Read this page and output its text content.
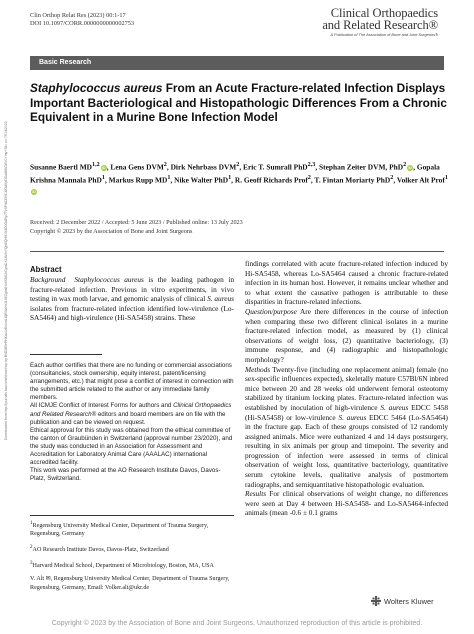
Clin Orthop Relat Res (2023) 00:1-17
DOI 10.1097/CORR.0000000000002753
Clinical Orthopaedics
and Related Research®
A Publication of The Association of Bone and Joint Surgeons®
Basic Research
Staphylococcus aureus From an Acute Fracture-related Infection Displays Important Bacteriological and Histopathologic Differences From a Chronic Equivalent in a Murine Bone Infection Model
Susanne Baertl MD$^{1,2}$iD, Lena Gens DVM$^2$, Dirk Nehrbass DVM$^2$, Eric T. Sumrall PhD$^{2,3}$, Stephan Zeiter DVM, PhD$^2$iD, Gopala Krishna Mannala PhD$^1$, Markus Rupp $MD^1$, Nike Walter PhD$^1$, R. Geoff Richards Prof$^2$, T. Fintan Moriarty PhD$^2$, Volker Alt Prof$^1$iD
Downloaded from http://journals.lww.com/clinorthop by BhDMf5ePHKav1zEoum1tQfN4a+kJLhEZgbsIHo4XMi0hCywCX1AWnYQp/IlQrHD3i3D0OdRyi7TvSFl4Cf3VC4/OAVpDDa8KKGKV0Ymy+78= on 07/14/2023	Received: 2 December 2022 / Accepted: 5 June 2023 / Published online: 13 July 2023
Copyright © 2023 by the Association of Bone and Joint Surgeons
Abstract

Background Staphylococcus aureus is the leading pathogen in fracture-related infection. Previous in vitro experiments, in vivo testing in wax moth larvae, and genomic analysis of clinical S. aureus isolates from fracture-related infection identified low-virulence (Lo-SA5464) and high-virulence (Hi-SA5458) strains. These

findings correlated with acute fracture-related infection induced by Hi-SA5458, whereas Lo-SA5464 caused a chronic fracture-related infection in its human host. However, it remains unclear whether and to what extent the causative pathogen is attributable to these disparities in fracture-related infections.

Question/purpose Are there differences in the course of infection when comparing these two different clinical isolates in a murine fracture-related infection model, as measured by (1) clinical observations of weight loss, (2) quantitative bacteriology, (3) immune response, and (4) radiographic and histopathologic morphology?

Methods Twenty-five (including one replacement animal) female (no sex-specific influences expected), skeletally mature C57Bl/6N inbred mice between 20 and 28 weeks old underwent femoral osteotomy stabilized by titanium locking plates. Fracture-related infection was established by inoculation of high-virulence S. aureus EDCC 5458 (Hi-SA5458) or low-virulence S. aureus EDCC 5464 (Lo-SA5464) in the fracture gap. Each of these groups consisted of 12 randomly assigned animals. Mice were euthanized 4 and 14 days postsurgery, resulting in six animals per group and timepoint. The severity and progression of infection were assessed in terms of clinical observation of weight loss, quantitative bacteriology, quantitative serum cytokine levels, qualitative analysis of postmortem radiographs, and semiquantitative histopathologic evaluation.

Results For clinical observations of weight change, no differences were seen at Day 4 between Hi-SA5458- and Lo-SA5464-infected animals (mean -0.6 ± 0.1 grams

Each author certifies that there are no funding or commercial associations (consultancies, stock ownership, equity interest, patent/licensing arrangements, etc.) that might pose a conflict of interest in connection with the submitted article related to the author or any immediate family members.

All ICMJE Conflict of Interest Forms for authors and Clinical Orthopaedics and Related Research® editors and board members are on file with the publication and can be viewed on request.

Ethical approval for this study was obtained from the ethical committee of the canton of Graubünden in Switzerland (approval number 23/2020), and the study was conducted in an Association for Assessment and Accreditation for Laboratory Animal Care (AAALAC) international accredited facility.

This work was performed at the AO Research Institute Davos, Davos-Platz, Switzerland.

$^1$Regensburg University Medical Center, Department of Trauma Surgery, Regensburg, Germany

$^2$AO Research Institute Davos, Davos-Platz, Switzerland

$^3$Harvard Medical School, Department of Microbiology, Boston, MA, USA

V. Alt ✉, Regensburg University Medical Center, Department of Trauma Surgery, Regensburg, Germany, Email: Volker.alt@ukr.de

Wolters Kluwer
Copyright © 2023 by the Association of Bone and Joint Surgeons. Unauthorized reproduction of this article is prohibited.
